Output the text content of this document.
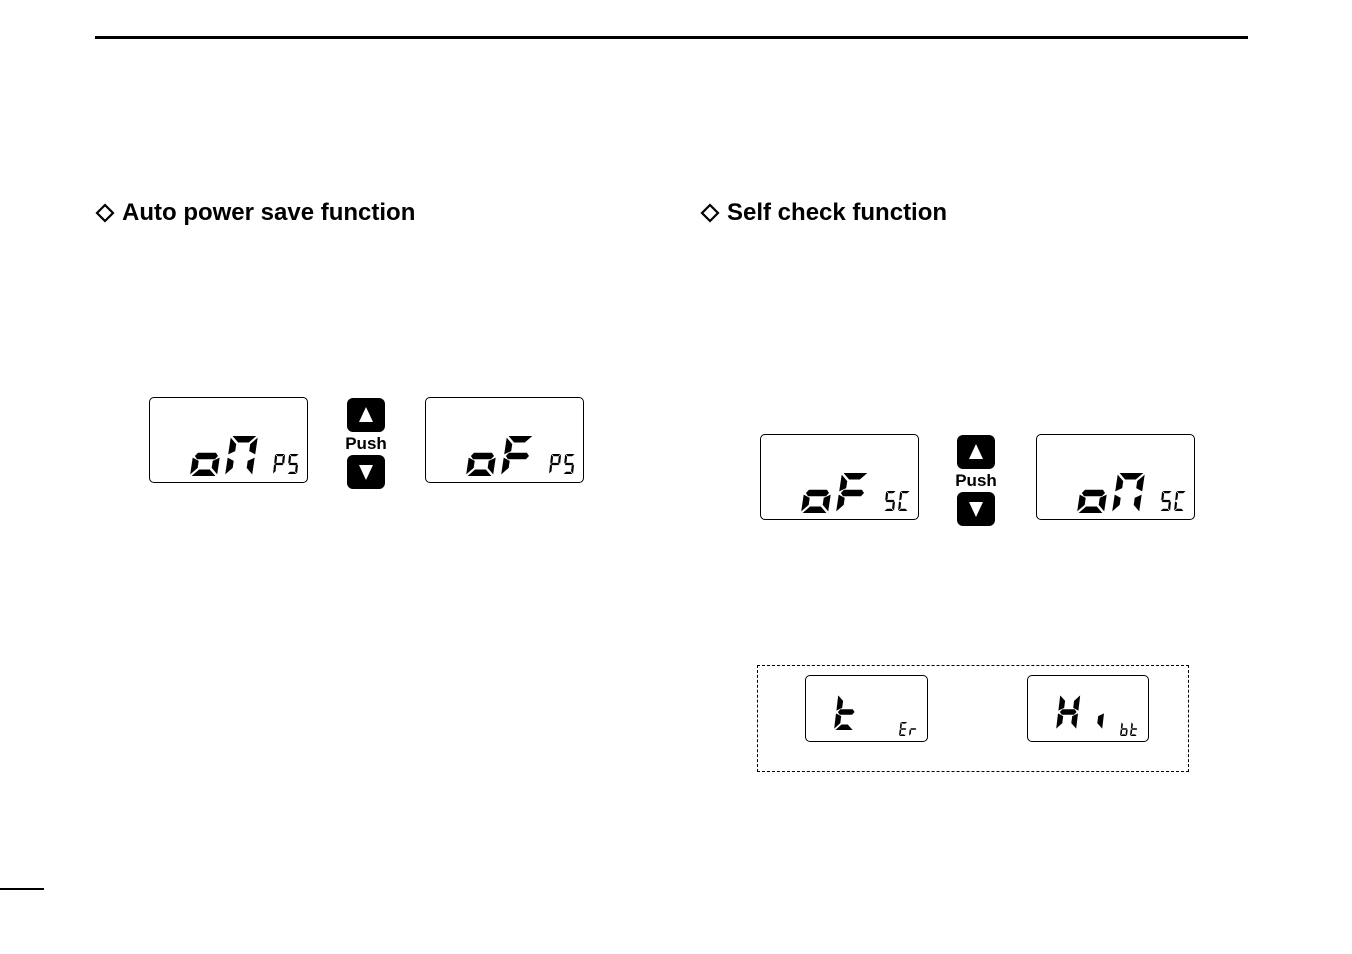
Auto power save function	Self check function
Push
Push
